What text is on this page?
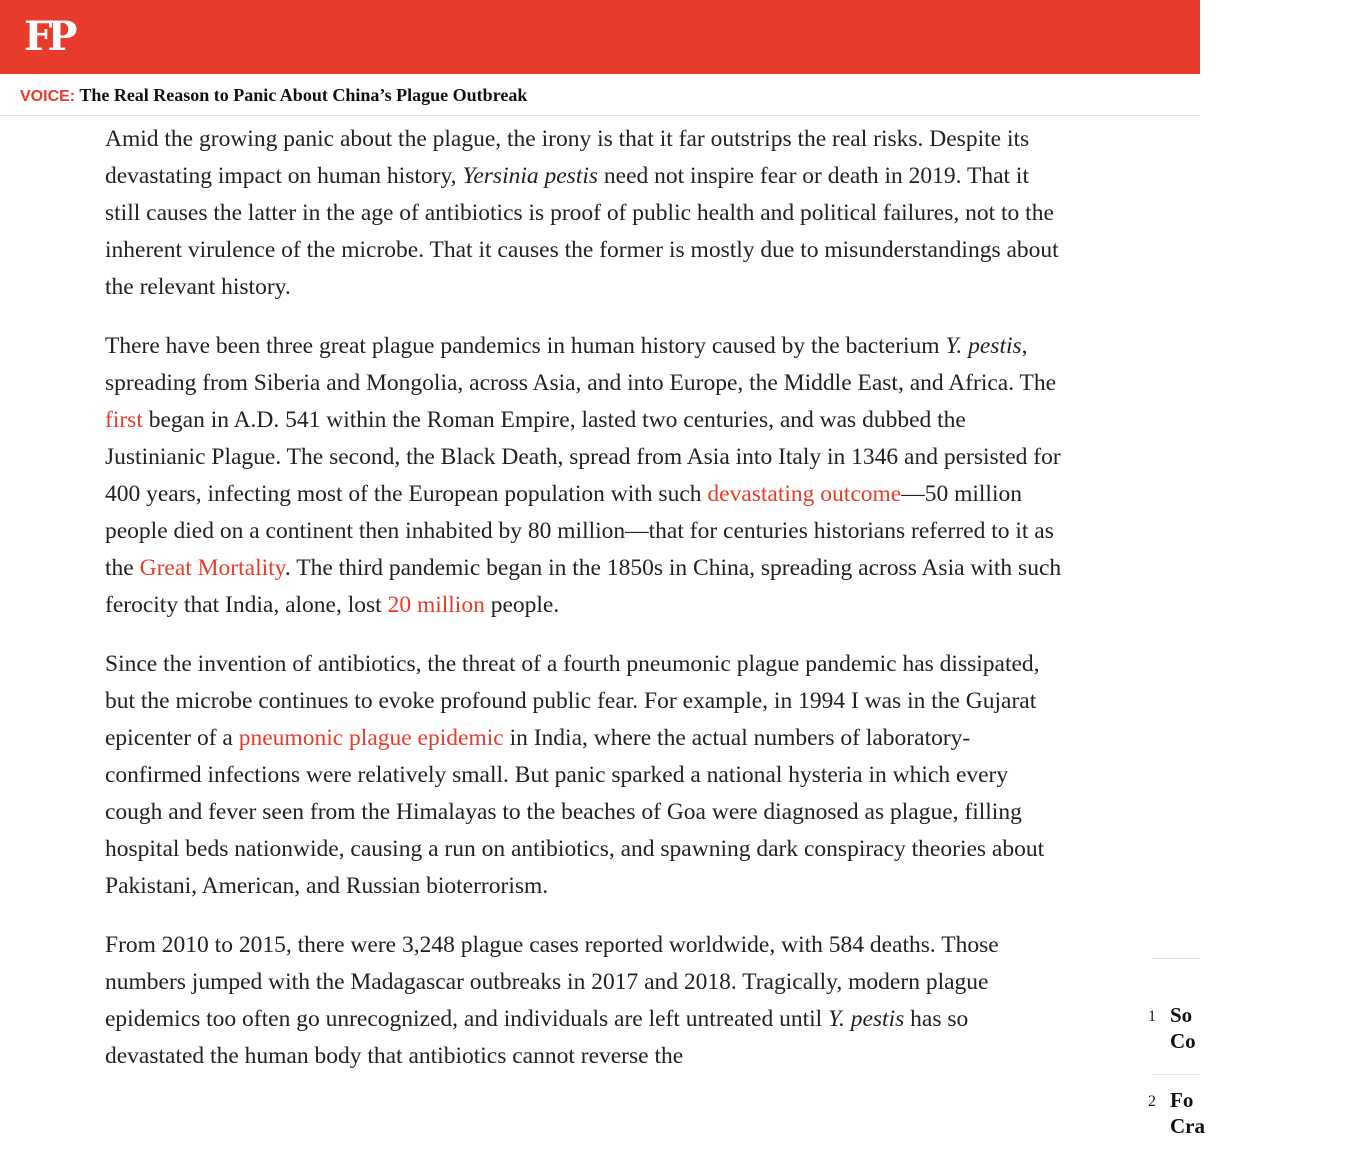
FP
VOICE: The Real Reason to Panic About China’s Plague Outbreak

Amid the growing panic about the plague, the irony is that it far outstrips the real risks. Despite its devastating impact on human history, Yersinia pestis need not inspire fear or death in 2019. That it still causes the latter in the age of antibiotics is proof of public health and political failures, not to the inherent virulence of the microbe. That it causes the former is mostly due to misunderstandings about the relevant history.

There have been three great plague pandemics in human history caused by the bacterium Y. pestis, spreading from Siberia and Mongolia, across Asia, and into Europe, the Middle East, and Africa. The first began in A.D. 541 within the Roman Empire, lasted two centuries, and was dubbed the Justinianic Plague. The second, the Black Death, spread from Asia into Italy in 1346 and persisted for 400 years, infecting most of the European population with such devastating outcome—50 million people died on a continent then inhabited by 80 million—that for centuries historians referred to it as the Great Mortality. The third pandemic began in the 1850s in China, spreading across Asia with such ferocity that India, alone, lost 20 million people.

Since the invention of antibiotics, the threat of a fourth pneumonic plague pandemic has dissipated, but the microbe continues to evoke profound public fear. For example, in 1994 I was in the Gujarat epicenter of a pneumonic plague epidemic in India, where the actual numbers of laboratory-confirmed infections were relatively small. But panic sparked a national hysteria in which every cough and fever seen from the Himalayas to the beaches of Goa were diagnosed as plague, filling hospital beds nationwide, causing a run on antibiotics, and spawning dark conspiracy theories about Pakistani, American, and Russian bioterrorism.

From 2010 to 2015, there were 3,248 plague cases reported worldwide, with 584 deaths. Those numbers jumped with the Madagascar outbreaks in 2017 and 2018. Tragically, modern plague epidemics too often go unrecognized, and individuals are left untreated until Y. pestis has so devastated the human body that antibiotics cannot reverse the

1 So
Co
2 Fo
Cra
